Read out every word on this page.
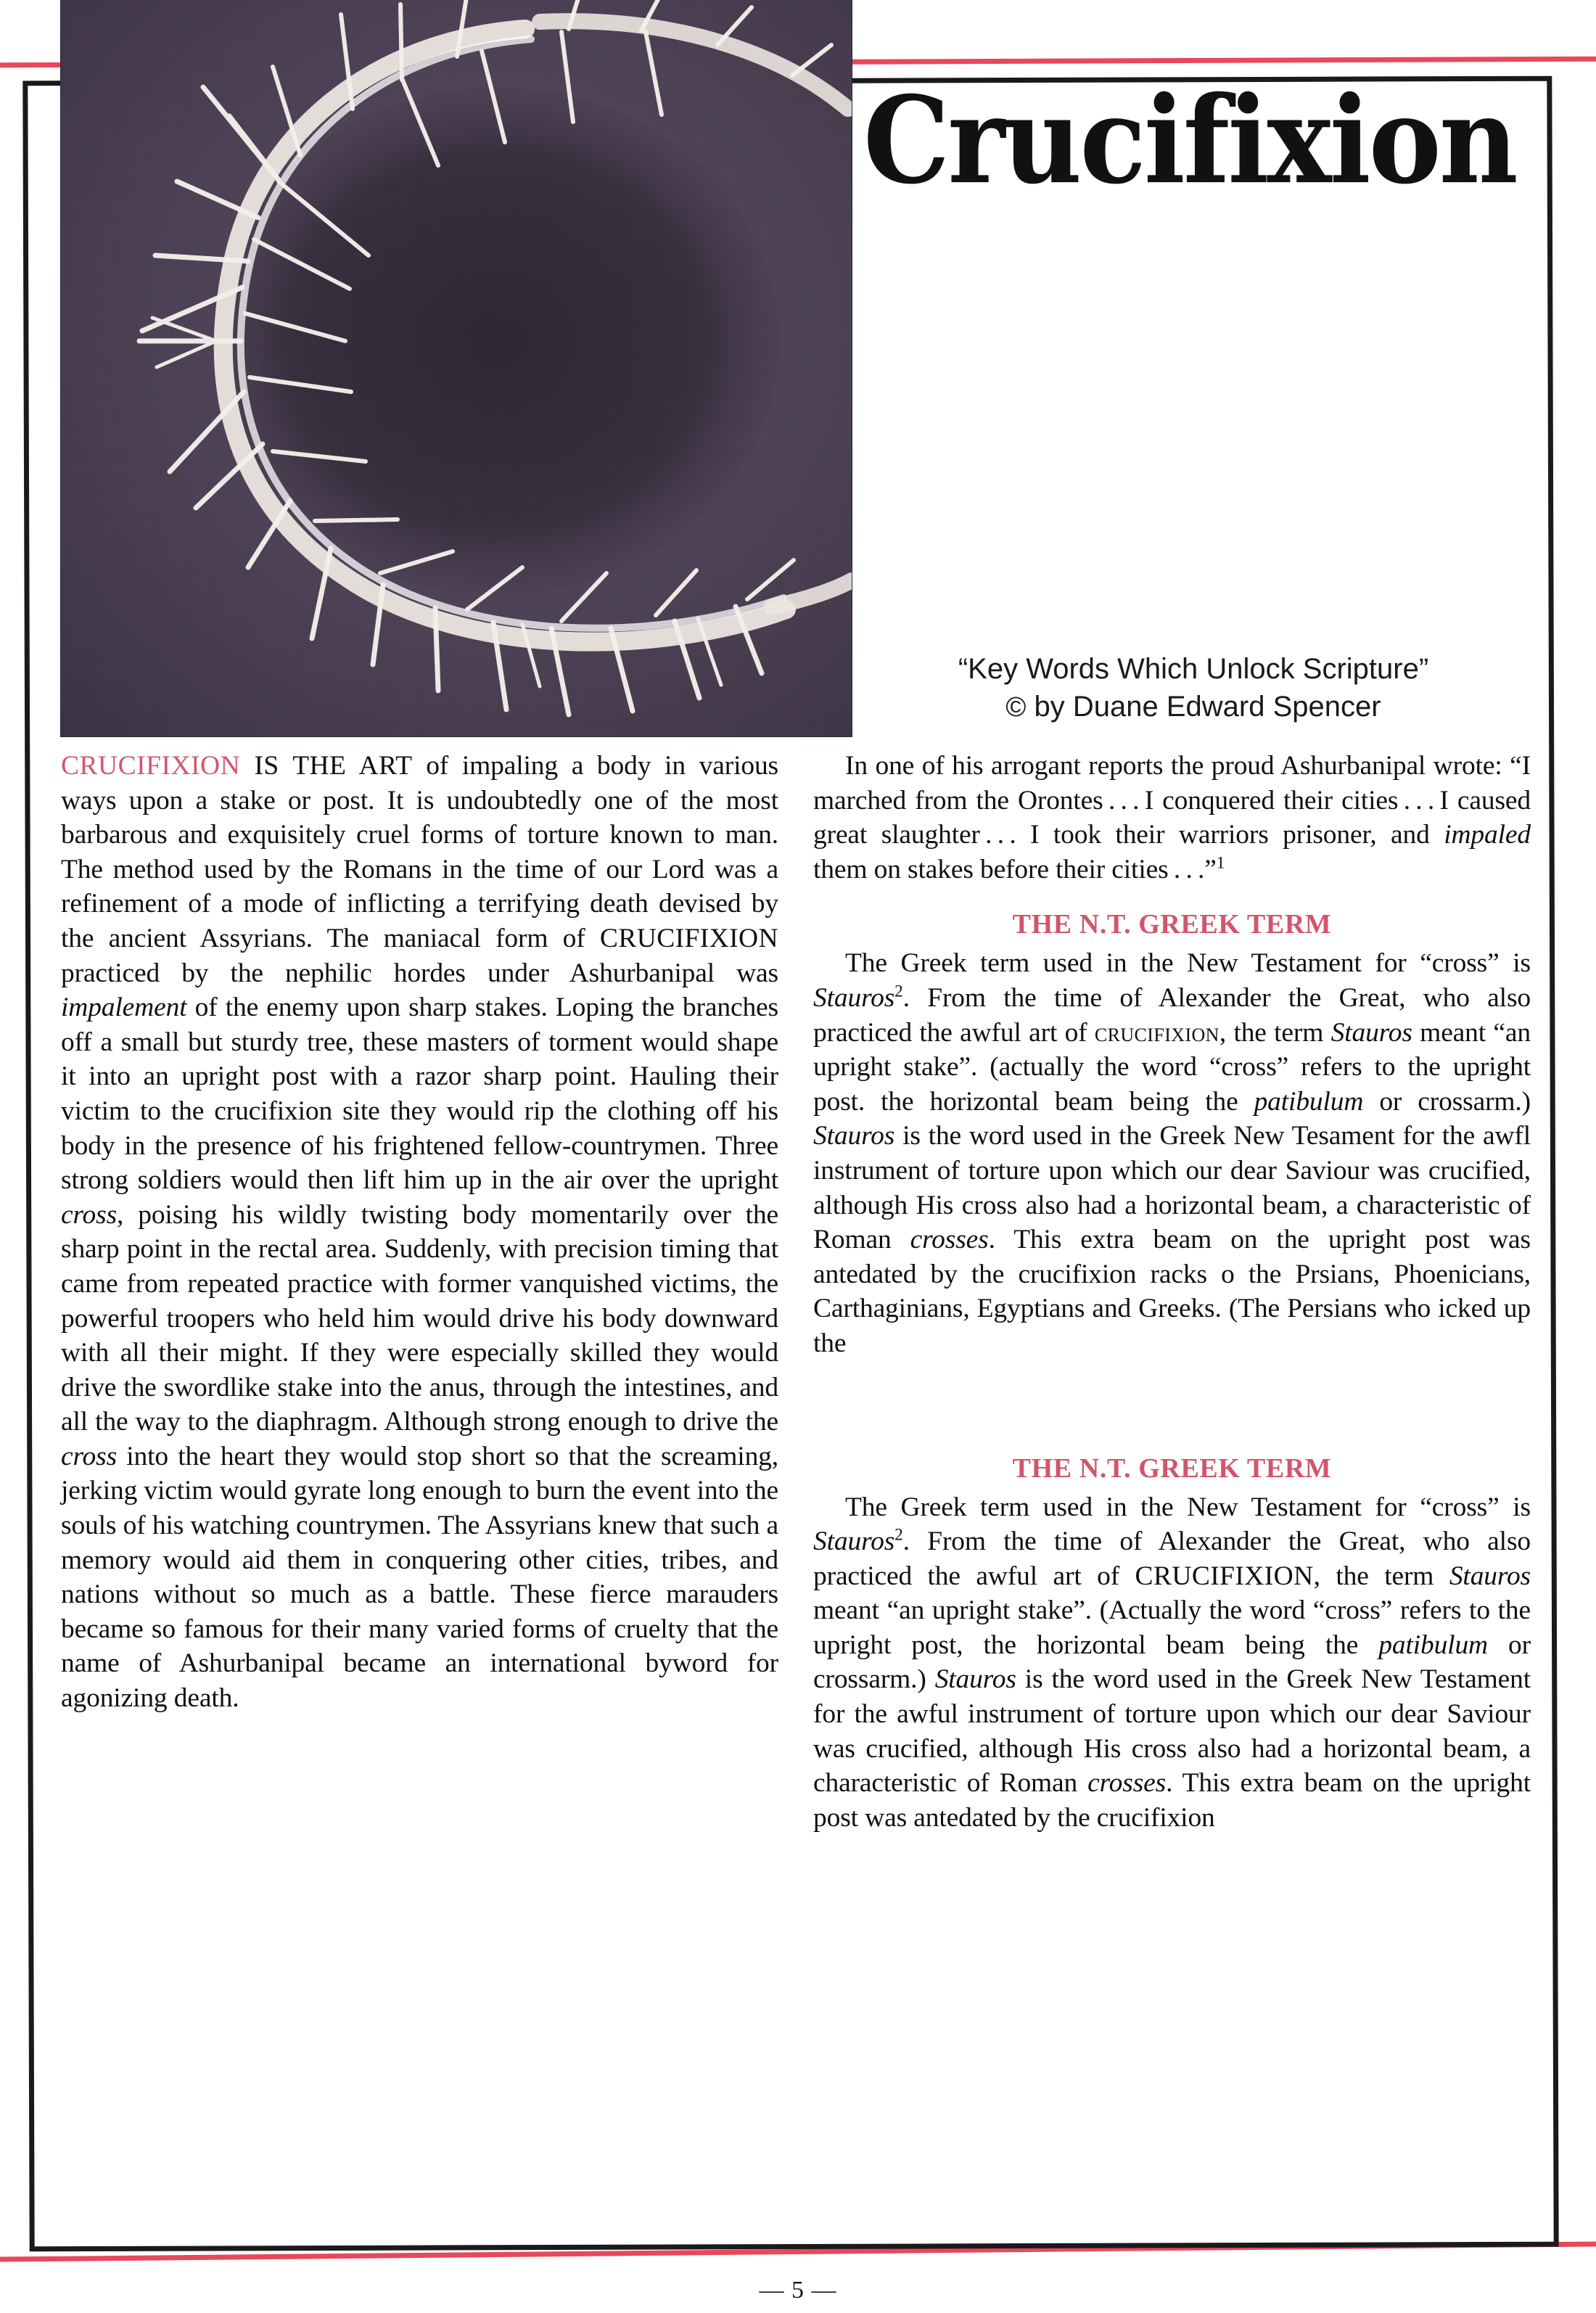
Crucifixion
“Key Words Which Unlock Scripture”
© by Duane Edward Spencer

CRUCIFIXION IS THE ART of impaling a body in various ways upon a stake or post. It is undoubtedly one of the most barbarous and exquisitely cruel forms of torture known to man. The method used by the Romans in the time of our Lord was a refinement of a mode of inflicting a terrifying death devised by the ancient Assyrians. The maniacal form of CRUCIFIXION practiced by the nephilic hordes under Ashurbanipal was impalement of the enemy upon sharp stakes. Loping the branches off a small but sturdy tree, these masters of torment would shape it into an upright post with a razor sharp point. Hauling their victim to the crucifixion site they would rip the clothing off his body in the presence of his frightened fellow-countrymen. Three strong soldiers would then lift him up in the air over the upright cross, poising his wildly twisting body momentarily over the sharp point in the rectal area. Suddenly, with precision timing that came from repeated practice with former vanquished victims, the powerful troopers who held him would drive his body downward with all their might. If they were especially skilled they would drive the swordlike stake into the anus, through the intestines, and all the way to the diaphragm. Although strong enough to drive the cross into the heart they would stop short so that the screaming, jerking victim would gyrate long enough to burn the event into the souls of his watching countrymen. The Assyrians knew that such a memory would aid them in conquering other cities, tribes, and nations without so much as a battle. These fierce marauders became so famous for their many varied forms of cruelty that the name of Ashurbanipal became an international byword for agonizing death.

In one of his arrogant reports the proud Ashurbanipal wrote: “I marched from the Orontes . . . I conquered their cities . . . I caused great slaughter . . . I took their warriors prisoner, and impaled them on stakes before their cities . . .”$^1$

THE N.T. GREEK TERM

The Greek term used in the New Testament for “cross” is Stauros$^2$. From the time of Alexander the Great, who also practiced the awful art of crucifixion, the term Stauros meant “an upright stake”. (actually the word “cross” refers to the upright post. the horizontal beam being the patibulum or crossarm.) Stauros is the word used in the Greek New Tesament for the awfl instrument of torture upon which our dear Saviour was crucified, although His cross also had a horizontal beam, a characteristic of Roman crosses. This extra beam on the upright post was antedated by the crucifixion racks o the Prsians, Phoenicians, Carthaginians, Egyptians and Greeks. (The Persians who icked up the

THE N.T. GREEK TERM

The Greek term used in the New Testament for “cross” is Stauros$^2$. From the time of Alexander the Great, who also practiced the awful art of CRUCIFIXION, the term Stauros meant “an upright stake”. (Actually the word “cross” refers to the upright post, the horizontal beam being the patibulum or crossarm.) Stauros is the word used in the Greek New Testament for the awful instrument of torture upon which our dear Saviour was crucified, although His cross also had a horizontal beam, a characteristic of Roman crosses. This extra beam on the upright post was antedated by the crucifixion

— 5 —
